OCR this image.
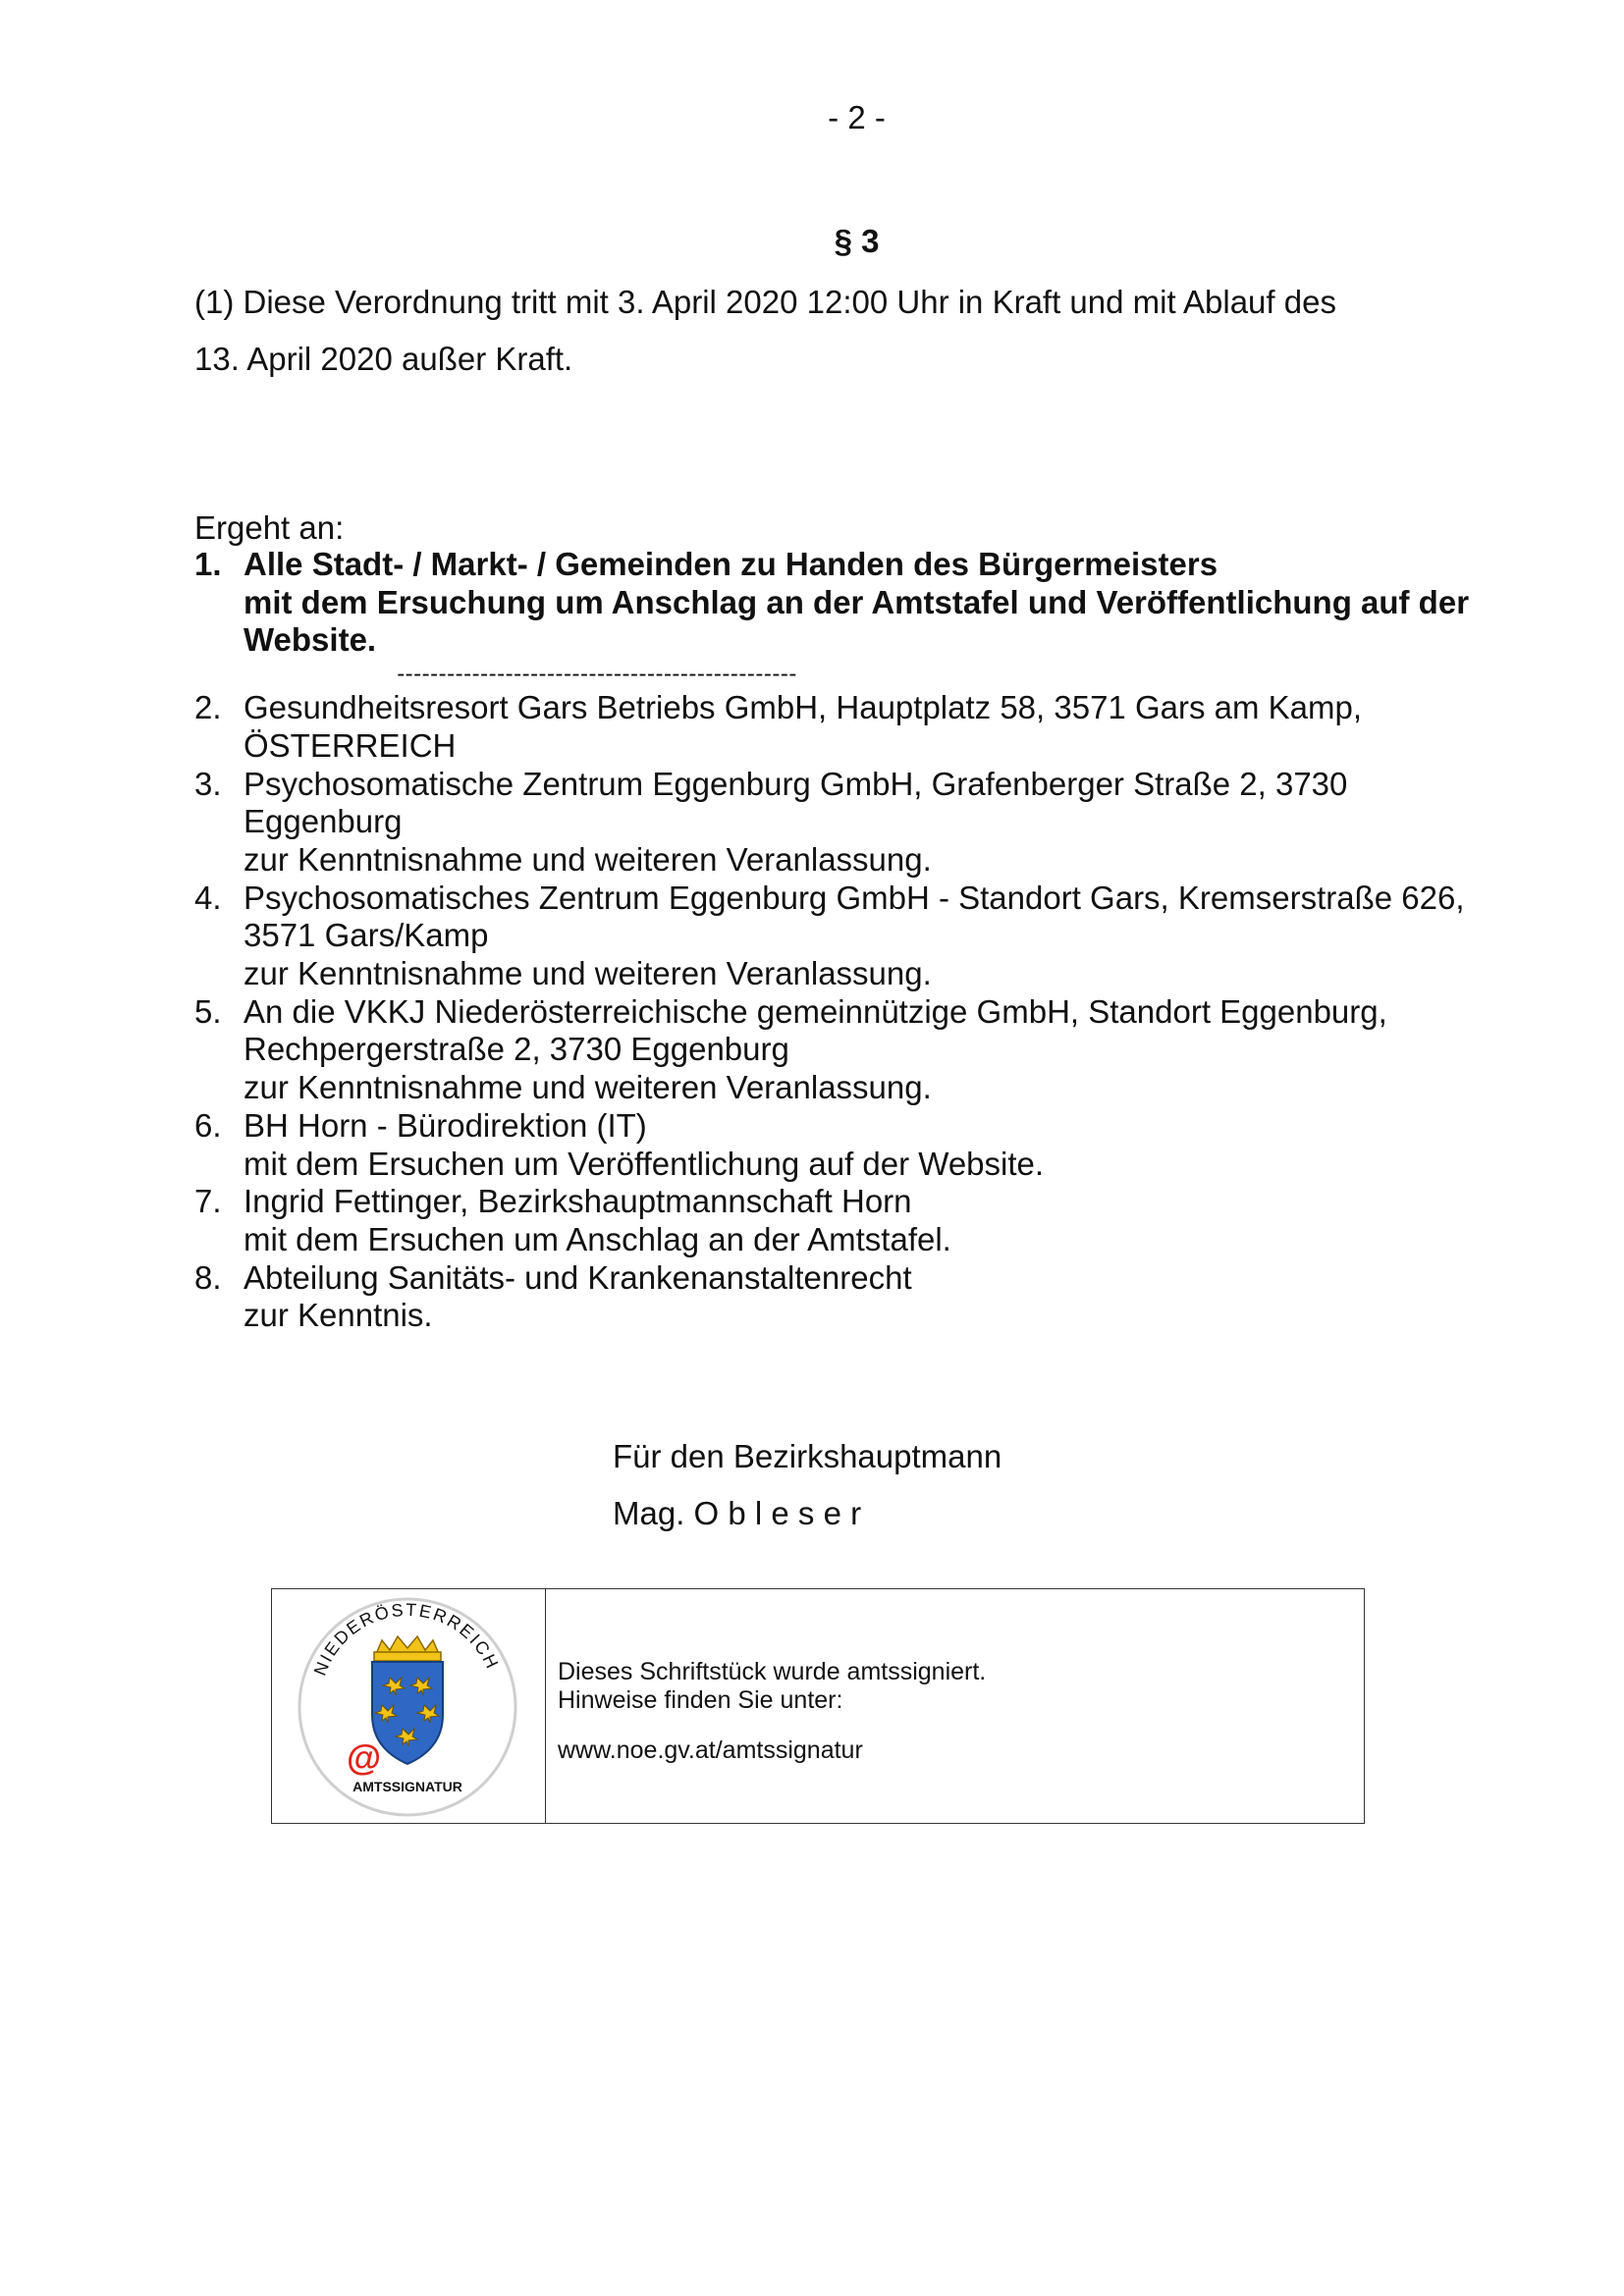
- 2 -
§ 3
(1) Diese Verordnung tritt mit 3. April 2020 12:00 Uhr in Kraft und mit Ablauf des
13. April 2020 außer Kraft.
Ergeht an:
1. Alle Stadt- / Markt- / Gemeinden zu Handen des Bürgermeisters
mit dem Ersuchung um Anschlag an der Amtstafel und Veröffentlichung auf der
Website.
------------------------------------------------
2. Gesundheitsresort Gars Betriebs GmbH, Hauptplatz 58, 3571 Gars am Kamp,
ÖSTERREICH
3. Psychosomatische Zentrum Eggenburg GmbH, Grafenberger Straße 2, 3730
Eggenburg
zur Kenntnisnahme und weiteren Veranlassung.
4. Psychosomatisches Zentrum Eggenburg GmbH - Standort Gars, Kremserstraße 626,
3571 Gars/Kamp
zur Kenntnisnahme und weiteren Veranlassung.
5. An die VKKJ Niederösterreichische gemeinnützige GmbH, Standort Eggenburg,
Rechpergerstraße 2, 3730 Eggenburg
zur Kenntnisnahme und weiteren Veranlassung.
6. BH Horn - Bürodirektion (IT)
mit dem Ersuchen um Veröffentlichung auf der Website.
7. Ingrid Fettinger, Bezirkshauptmannschaft Horn
mit dem Ersuchen um Anschlag an der Amtstafel.
8. Abteilung Sanitäts- und Krankenanstaltenrecht
zur Kenntnis.
Für den Bezirkshauptmann
Mag. O b l e s e r
NIEDERÖSTERREICH
@
AMTSSIGNATUR
Dieses Schriftstück wurde amtssigniert.
Hinweise finden Sie unter:
www.noe.gv.at/amtssignatur
